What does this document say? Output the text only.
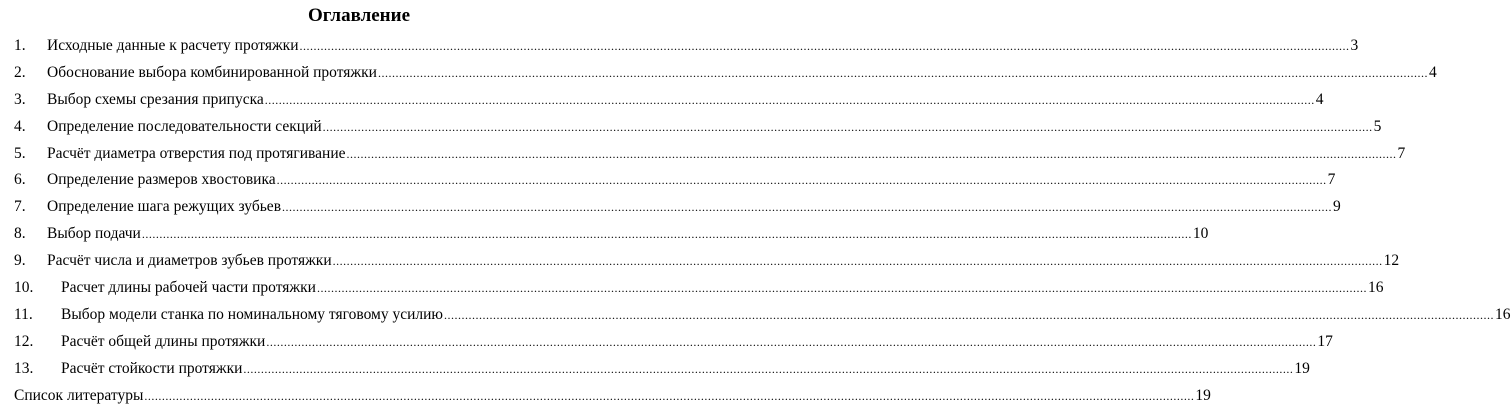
Оглавление
1. Исходные данные к расчету протяжки ............................................................................................................................................................................................................................................................................................................ 3
2. Обоснование выбора комбинированной протяжки ............................................................................................................................................................................................................................................................................................................ 4
3. Выбор схемы срезания припуска ............................................................................................................................................................................................................................................................................................................ 4
4. Определение последовательности секций ............................................................................................................................................................................................................................................................................................................ 5
5. Расчёт диаметра отверстия под протягивание ............................................................................................................................................................................................................................................................................................................ 7
6. Определение размеров хвостовика ............................................................................................................................................................................................................................................................................................................ 7
7. Определение шага режущих зубьев ............................................................................................................................................................................................................................................................................................................ 9
8. Выбор подачи ............................................................................................................................................................................................................................................................................................................ 10
9. Расчёт числа и диаметров зубьев протяжки ............................................................................................................................................................................................................................................................................................................ 12
10. Расчет длины рабочей части протяжки ............................................................................................................................................................................................................................................................................................................ 16
11. Выбор модели станка по номинальному тяговому усилию ............................................................................................................................................................................................................................................................................................................ 16
12. Расчёт общей длины протяжки ............................................................................................................................................................................................................................................................................................................ 17
13. Расчёт стойкости протяжки ............................................................................................................................................................................................................................................................................................................ 19
Список литературы ............................................................................................................................................................................................................................................................................................................ 19
